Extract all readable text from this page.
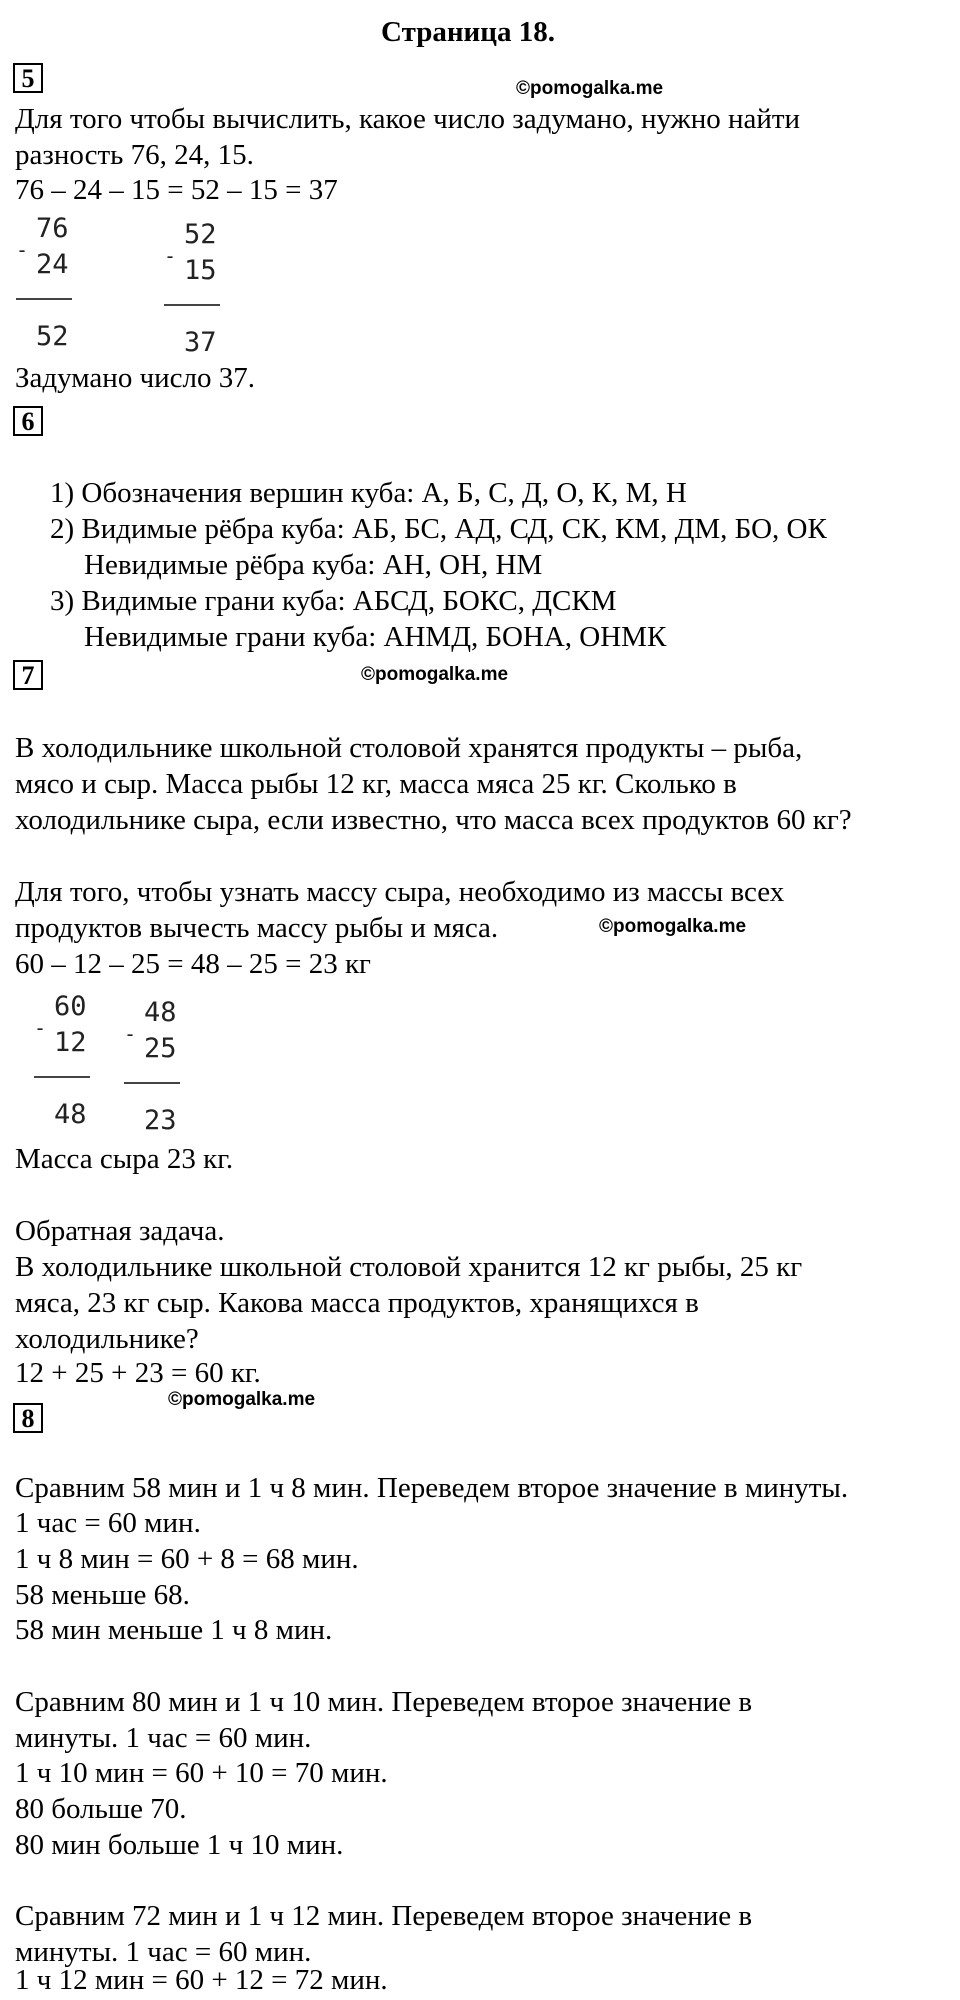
Страница 18.
5	©pomogalka.me
Для того чтобы вычислить, какое число задумано, нужно найти
разность 76, 24, 15.
76 – 24 – 15 = 52 – 15 = 37
-
76
24
52
-
52
15
37
Задумано число 37.
6
1) Обозначения вершин куба: А, Б, С, Д, О, К, М, Н
2) Видимые рёбра куба: АБ, БС, АД, СД, СК, КМ, ДМ, БО, ОК
Невидимые рёбра куба: АН, ОН, НМ
3) Видимые грани куба: АБСД, БОКС, ДСКМ
Невидимые грани куба: АНМД, БОНА, ОНМК
7	©pomogalka.me
В холодильнике школьной столовой хранятся продукты – рыба,
мясо и сыр. Масса рыбы 12 кг, масса мяса 25 кг. Сколько в
холодильнике сыра, если известно, что масса всех продуктов 60 кг?
Для того, чтобы узнать массу сыра, необходимо из массы всех
продуктов вычесть массу рыбы и мяса.	©pomogalka.me
60 – 12 – 25 = 48 – 25 = 23 кг
-
60
12
48
-
48
25
23
Масса сыра 23 кг.
Обратная задача.
В холодильнике школьной столовой хранится 12 кг рыбы, 25 кг
мяса, 23 кг сыр. Какова масса продуктов, хранящихся в
холодильнике?
12 + 25 + 23 = 60 кг.
8
©pomogalka.me
Сравним 58 мин и 1 ч 8 мин. Переведем второе значение в минуты.
1 час = 60 мин.
1 ч 8 мин = 60 + 8 = 68 мин.
58 меньше 68.
58 мин меньше 1 ч 8 мин.
Сравним 80 мин и 1 ч 10 мин. Переведем второе значение в
минуты. 1 час = 60 мин.
1 ч 10 мин = 60 + 10 = 70 мин.
80 больше 70.
80 мин больше 1 ч 10 мин.
Сравним 72 мин и 1 ч 12 мин. Переведем второе значение в
минуты. 1 час = 60 мин.
1 ч 12 мин = 60 + 12 = 72 мин.
